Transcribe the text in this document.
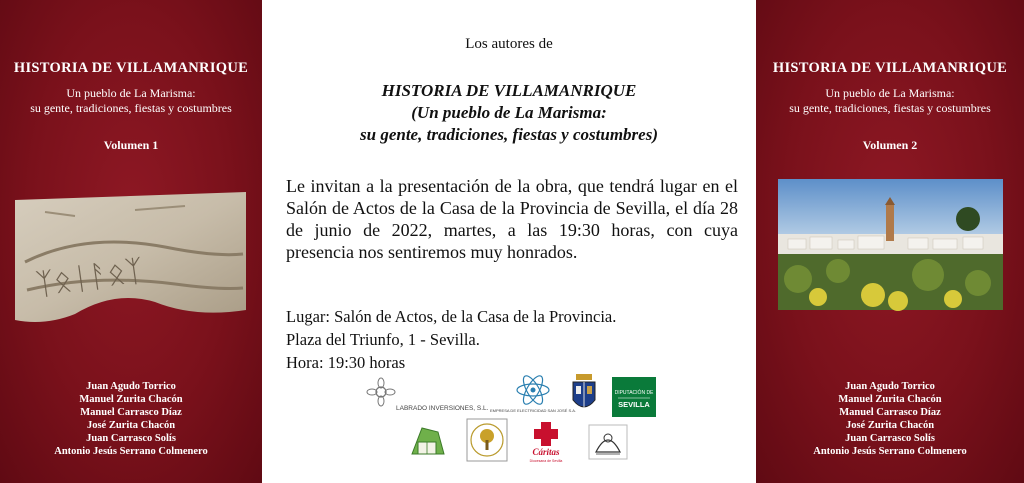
HISTORIA DE VILLAMANRIQUE
Un pueblo de La Marisma:
su gente, tradiciones, fiestas y costumbres
Volumen 1
ᛉᛟᛁᚨᛟᛉ
Juan Agudo Torrico
Manuel Zurita Chacón
Manuel Carrasco Díaz
José Zurita Chacón
Juan Carrasco Solís
Antonio Jesús Serrano Colmenero
Los autores de
HISTORIA DE VILLAMANRIQUE
(Un pueblo de La Marisma:
su gente, tradiciones, fiestas y costumbres)
Le invitan a la presentación de la obra, que tendrá lugar en el Salón de Actos de la Casa de la Provincia de Sevilla, el día 28 de junio de 2022, martes, a las 19:30 horas, con cuya presencia nos sentiremos muy honrados.
Lugar: Salón de Actos, de la Casa de la Provincia.
Plaza del Triunfo, 1 - Sevilla.
Hora: 19:30 horas
LABRADO INVERSIONES, S.L. EMPRESA DE ELECTRICIDAD SAN JOSÉ S.A.
DIPUTACIÓN DE
SEVILLA
Cáritas
Diocesana de Sevilla
HISTORIA DE VILLAMANRIQUE
Un pueblo de La Marisma:
su gente, tradiciones, fiestas y costumbres
Volumen 2
Juan Agudo Torrico
Manuel Zurita Chacón
Manuel Carrasco Díaz
José Zurita Chacón
Juan Carrasco Solís
Antonio Jesús Serrano Colmenero
